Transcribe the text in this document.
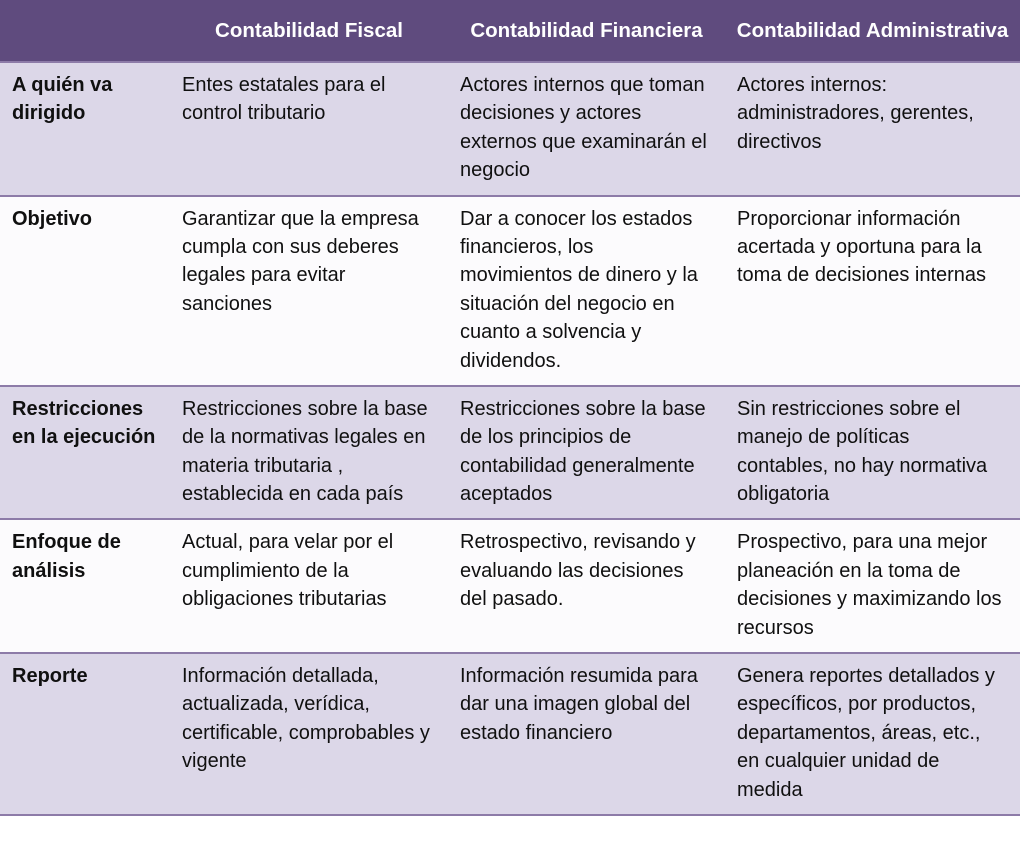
	Contabilidad Fiscal	Contabilidad Financiera	Contabilidad Administrativa
A quién va dirigido	Entes estatales para el control tributario	Actores internos que toman decisiones y actores externos que examinarán el negocio	Actores internos: administradores, gerentes, directivos
Objetivo	Garantizar que la empresa cumpla con sus deberes legales para evitar sanciones	Dar a conocer los estados financieros, los movimientos de dinero y la situación del negocio en cuanto a solvencia y dividendos.	Proporcionar información acertada y oportuna para la toma de decisiones internas
Restricciones en la ejecución	Restricciones sobre la base de la normativas legales en materia tributaria , establecida en cada país	Restricciones sobre la base de los principios de contabilidad generalmente aceptados	Sin restricciones sobre el manejo de políticas contables, no hay normativa obligatoria
Enfoque de análisis	Actual, para velar por el cumplimiento de la obligaciones tributarias	Retrospectivo, revisando y evaluando las decisiones del pasado.	Prospectivo, para una mejor planeación en la toma de decisiones y maximizando los recursos
Reporte	Información detallada, actualizada, verídica, certificable, comprobables y vigente	Información resumida para dar una imagen global del estado financiero	Genera reportes detallados y específicos, por productos, departamentos, áreas, etc., en cualquier unidad de medida
